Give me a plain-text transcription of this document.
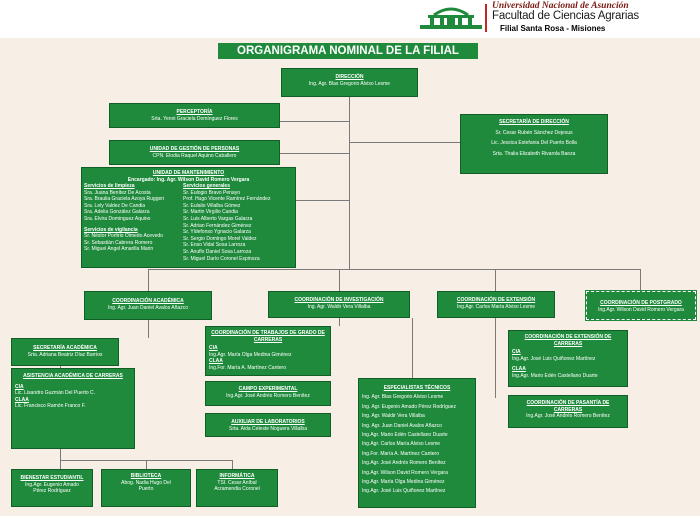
Universidad Nacional de Asunción
Facultad de Ciencias Agrarias
Filial Santa Rosa - Misiones
ORGANIGRAMA NOMINAL DE LA FILIAL
DIRECCIÓN
Ing. Agr. Blas Gregorio Alviso Lesme
PERCEPTORÍA
Srta. Yenni Graciela Domínguez Flores
UNIDAD DE GESTIÓN DE PERSONAS
CPN. Elodia Raquel Aquino Caballero
SECRETARÍA DE DIRECCIÓN
Sr. Cesar Rubén Sánchez Dejesus
Lic. Jessica Estefania Del Puerto Bolla
Srta. Thalia Elizabeth Rivarola Baeza
UNIDAD DE MANTENIMIENTO
Encargado: Ing. Agr. Wilson David Romero Vergara
Servicios de limpieza
Sra. Juana Benítez De Acosta
Sra. Braulia Graciela Azoya Ruggeri
Sra. Lely Valdez De Candia
Sra. Adelia González Galarza
Sra. Elvira Dominguez Aquino
Servicios de vigilancia
Sr. Néstor Porfirio Olmedo Acevedo
Sr. Sebastián Cabrera Romero
Sr. Miguel Angel Amarilla Marin
Servicios generales
Sr. Eulogio Bravo Penayo
Prof. Hugo Vicente Ramírez Fernández
Sr. Eulalio Villalba Gómez
Sr. Martin Virgilio Candia
Sr. Luis Alberto Vargas Galarza
Sr. Adrian Fernández Giménez
Sr. Yldefonso Ygnacio Galarza
Sr. Sergio Domingo Morel Valdez
Sr. Enso Vidal Sosa Larroza
Sr. Anuflo Daniel Sosa Larroza
Sr. Miguel Darío Coronel Espinoza
COORDINACIÓN ACADÉMICA
Ing. Agr. Juan Daniel Avalos Añazco
COORDINACIÓN DE INVESTIGACIÓN
Ing. Agr. Waldir Vera Villalba
COORDINACIÓN DE EXTENSIÓN
Ing.Agr. Carlos María Alviso Lesme
COORDINACIÓN DE POSTGRADO
Ing.Agr. Wilson David Romero Vergara
SECRETARÍA ACADÉMICA
Srta. Adriana Beatriz Díaz Barrios
ASISTENCIA ACADÉMICA DE CARRERAS
CIA
Lic. Lisandro Guzmán Del Puerto C.
CLAA
Lic. Francisco Ramón Franco F.
BIENESTAR ESTUDIANTIL
Ing.Agr. Eugenio Amado
Pérez Rodríguez
BIBLIOTECA
Abog. Nadia Hugo Del
Puerto
INFORMÁTICA
TSI. Cesar Aníbal
Arzamendia Coronel
COORDINACIÓN DE TRABAJOS DE GRADO DE
CARRERAS
CIA
Ing.Agr. María Olga Medina Giménez
CLAA
Ing.For. María A. Martínez Cantero
CAMPO EXPERIMENTAL
Ing.Agr. José Andrés Romero Benítez
AUXILIAR DE LABORATORIOS
Srta. Aida Celeste Noguera Villalba
ESPECIALISTAS TÉCNICOS
Ing. Agr. Blas Gregorio Alviso Lesme
Ing. Agr. Eugenio Amado Pérez Rodríguez
Ing. Agr. Waldir Vera Villalba
Ing. Agr. Juan Daniel Avalos Añazco
Ing.Agr. Mario Edén Castellano Duarte
Ing.Agr. Carlos María Alviso Lesme
Ing.For. María A. Martínez Cantero
Ing.Agr. José Andrés Romero Benítez
Ing.Agr. Wilson David Romero Vergara
Ing.Agr. María Olga Medina Giménez
Ing.Agr. José Luis Quiñonez Martínez
COORDINACIÓN DE EXTENSIÓN DE
CARRERAS
CIA
Ing.Agr. José Luis Quiñonez Martínez
CLAA
Ing.Agr. Mario Edén Castellano Duarte
COORDINACIÓN DE PASANTÍA DE
CARRERAS
Ing.Agr. José Andrés Romero Benítez
